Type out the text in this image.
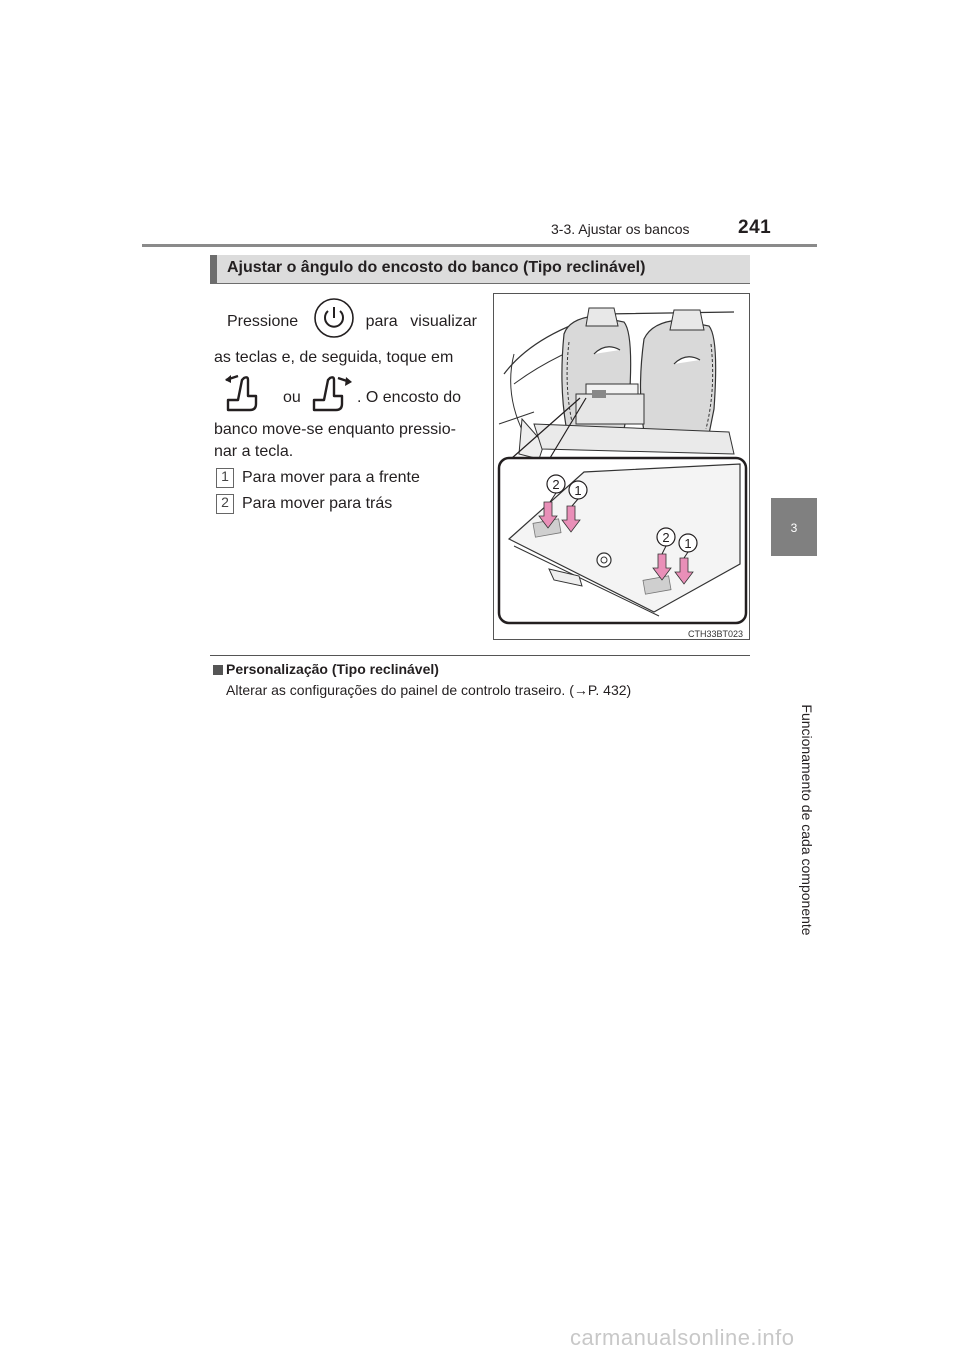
3-3. Ajustar os bancos	241
3
Funcionamento de cada componente
Ajustar o ângulo do encosto do banco (Tipo reclinável)
Pressione	para visualizar
as teclas e, de seguida, toque em
ou	. O encosto do
banco move-se enquanto pressio-
nar a tecla.
1 Para mover para a frente
2 Para mover para trás
2 1
2 1
CTH33BT023
Personalização (Tipo reclinável)
Alterar as configurações do painel de controlo traseiro. (→P. 432)
carmanualsonline.info
